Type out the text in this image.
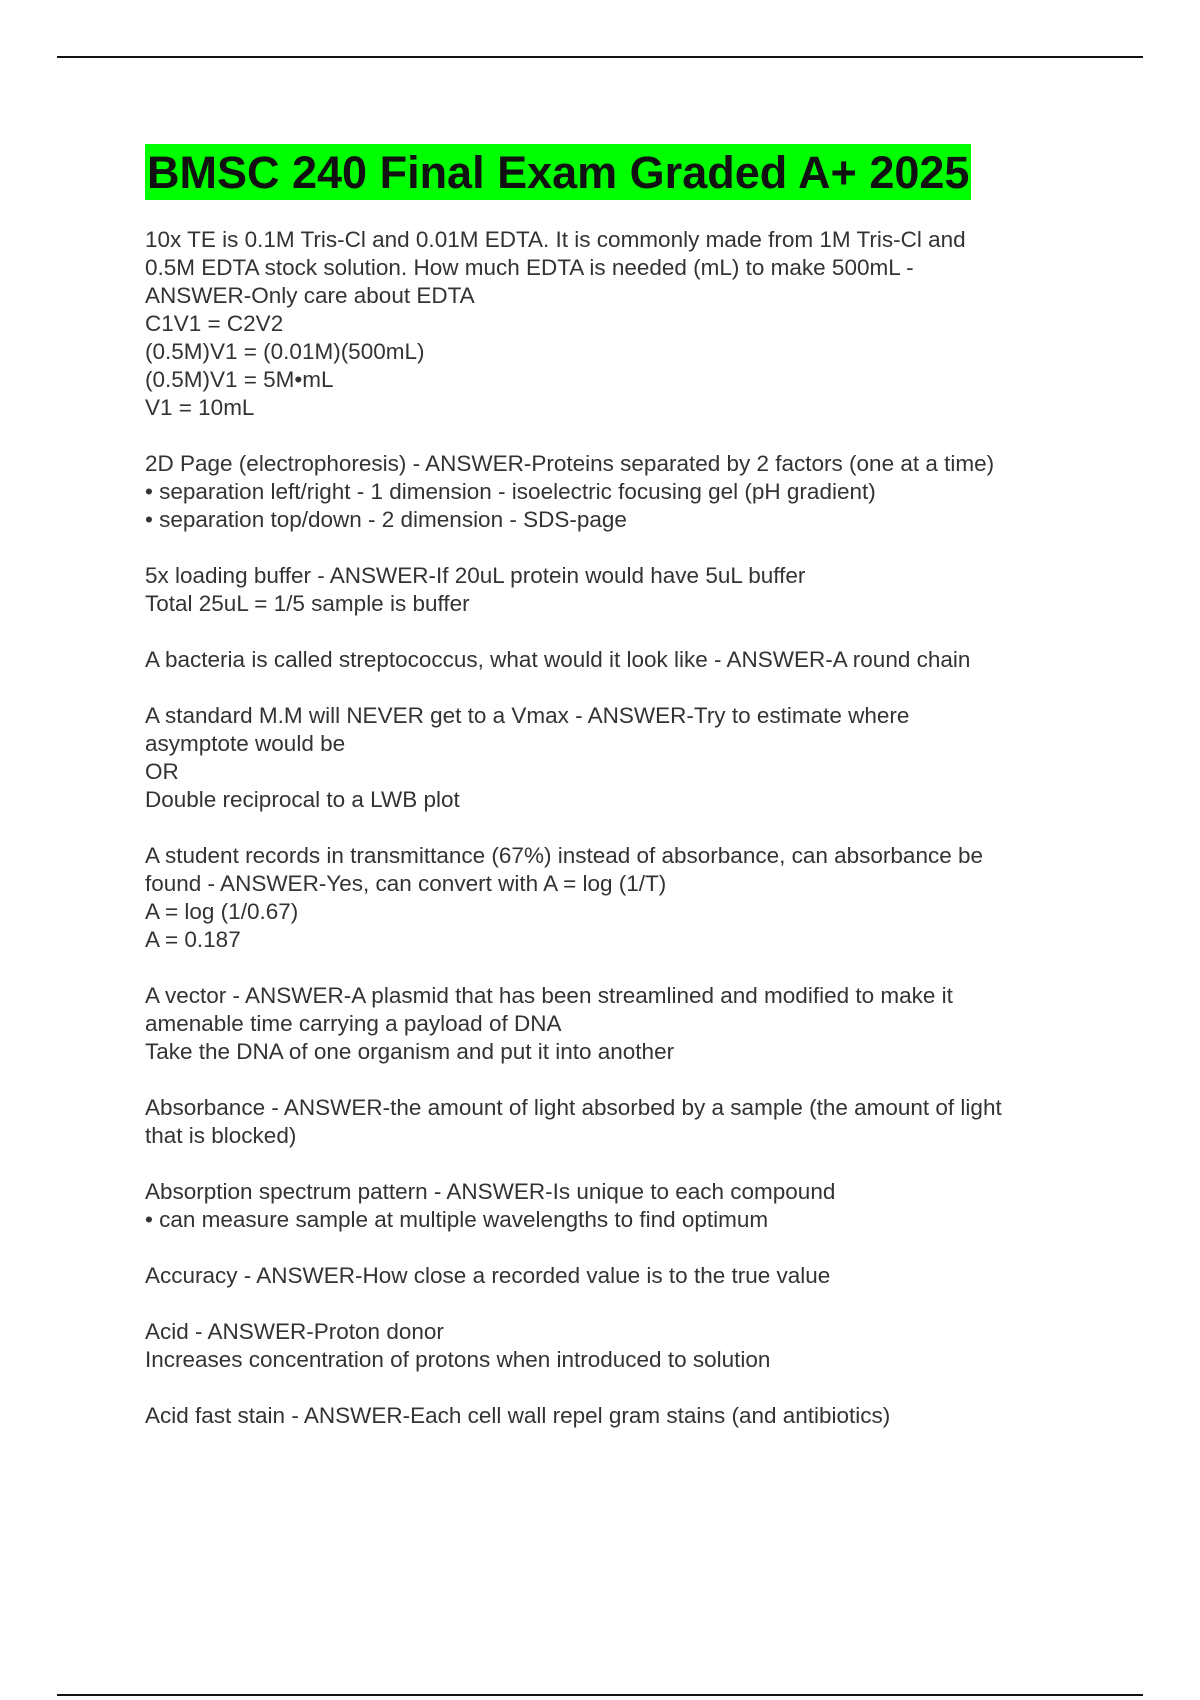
BMSC 240 Final Exam Graded A+ 2025
10x TE is 0.1M Tris-Cl and 0.01M EDTA. It is commonly made from 1M Tris-Cl and
0.5M EDTA stock solution. How much EDTA is needed (mL) to make 500mL -
ANSWER-Only care about EDTA
C1V1 = C2V2
(0.5M)V1 = (0.01M)(500mL)
(0.5M)V1 = 5M•mL
V1 = 10mL
2D Page (electrophoresis) - ANSWER-Proteins separated by 2 factors (one at a time)
• separation left/right - 1 dimension - isoelectric focusing gel (pH gradient)
• separation top/down - 2 dimension - SDS-page
5x loading buffer - ANSWER-If 20uL protein would have 5uL buffer
Total 25uL = 1/5 sample is buffer
A bacteria is called streptococcus, what would it look like - ANSWER-A round chain
A standard M.M will NEVER get to a Vmax - ANSWER-Try to estimate where
asymptote would be
OR
Double reciprocal to a LWB plot
A student records in transmittance (67%) instead of absorbance, can absorbance be
found - ANSWER-Yes, can convert with A = log (1/T)
A = log (1/0.67)
A = 0.187
A vector - ANSWER-A plasmid that has been streamlined and modified to make it
amenable time carrying a payload of DNA
Take the DNA of one organism and put it into another
Absorbance - ANSWER-the amount of light absorbed by a sample (the amount of light
that is blocked)
Absorption spectrum pattern - ANSWER-Is unique to each compound
• can measure sample at multiple wavelengths to find optimum
Accuracy - ANSWER-How close a recorded value is to the true value
Acid - ANSWER-Proton donor
Increases concentration of protons when introduced to solution
Acid fast stain - ANSWER-Each cell wall repel gram stains (and antibiotics)
